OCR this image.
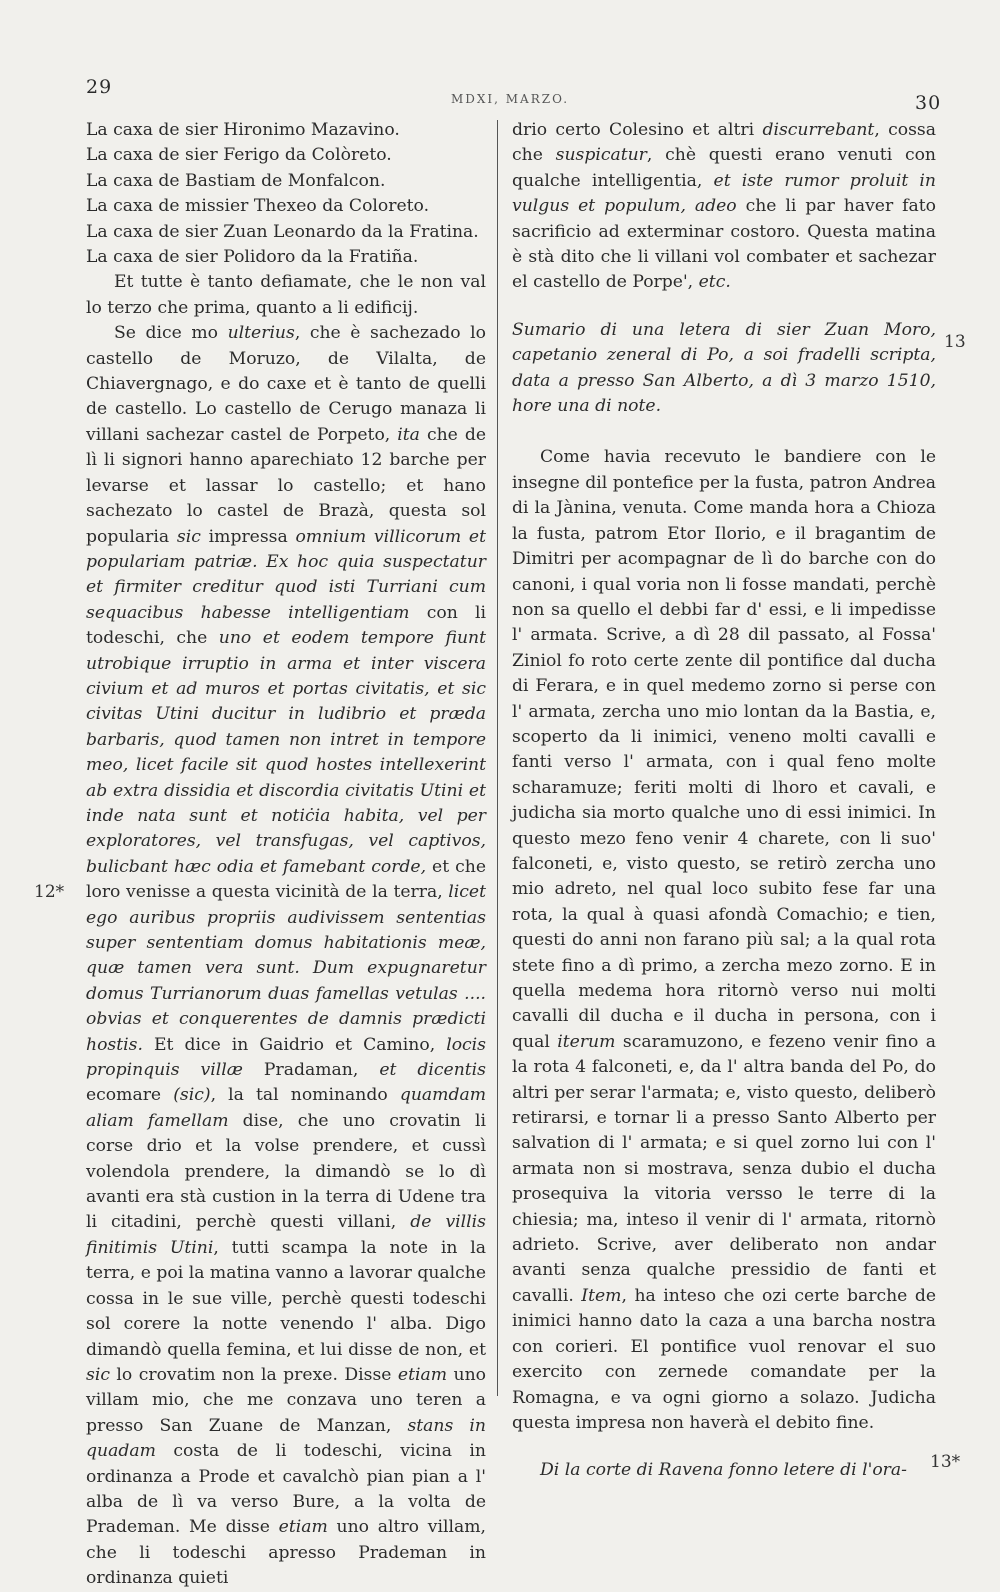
29
MDXI, MARZO.	30
12*
13
13*

La caxa de sier Hironimo Mazavino.

La caxa de sier Ferigo da Colòreto.

La caxa de Bastiam de Monfalcon.

La caxa de missier Thexeo da Coloreto.

La caxa de sier Zuan Leonardo da la Fratina.

La caxa de sier Polidoro da la Fratiña.

Et tutte è tanto defiamate, che le non val lo terzo che prima, quanto a li edificij.

Se dice mo ulterius, che è sachezado lo castello de Moruzo, de Vilalta, de Chiavergnago, e do caxe et è tanto de quelli de castello. Lo castello de Cerugo manaza li villani sachezar castel de Porpeto, ita che de lì li signori hanno aparechiato 12 barche per levarse et lassar lo castello; et hano sachezato lo castel de Brazà, questa sol popularia sic impressa omnium villicorum et populariam patriæ. Ex hoc quia suspectatur et firmiter creditur quod isti Turriani cum sequacibus habesse intelligentiam con li todeschi, che uno et eodem tempore fiunt utrobique irruptio in arma et inter viscera civium et ad muros et portas civitatis, et sic civitas Utini ducitur in ludibrio et præda barbaris, quod tamen non intret in tempore meo, licet facile sit quod hostes intellexerint ab extra dissidia et discordia civitatis Utini et inde nata sunt et notiċia habita, vel per exploratores, vel transfugas, vel captivos, bulicbant hæc odia et famebant corde, et che loro venisse a questa vicinità de la terra, licet ego auribus propriis audivissem sententias super sententiam domus habitationis meæ, quæ tamen vera sunt. Dum expugnaretur domus Turrianorum duas famellas vetulas .... obvias et conquerentes de damnis prædicti hostis. Et dice in Gaidrio et Camino, locis propinquis villæ Pradaman, et dicentis ecomare (sic), la tal nominando quamdam aliam famellam dise, che uno crovatin li corse drio et la volse prendere, et cussì volendola prendere, la dimandò se lo dì avanti era stà custion in la terra di Udene tra li citadini, perchè questi villani, de villis finitimis Utini, tutti scampa la note in la terra, e poi la matina vanno a lavorar qualche cossa in le sue ville, perchè questi todeschi sol corere la notte venendo l' alba. Digo dimandò quella femina, et lui disse de non, et sic lo crovatim non la prexe. Disse etiam uno villam mio, che me conzava uno teren a presso San Zuane de Manzan, stans in quadam costa de li todeschi, vicina in ordinanza a Prode et cavalchò pian pian a l' alba de lì va verso Bure, a la volta de Prademan. Me disse etiam uno altro villam, che li todeschi apresso Prademan in ordinanza quieti

drio certo Colesino et altri discurrebant, cossa che suspicatur, chè questi erano venuti con qualche intelligentia, et iste rumor proluit in vulgus et populum, adeo che li par haver fato sacrificio ad exterminar costoro. Questa matina è stà dito che li villani vol combater et sachezar el castello de Porpe', etc.

Sumario di una letera di sier Zuan Moro, capetanio zeneral di Po, a soi fradelli scripta, data a presso San Alberto, a dì 3 marzo 1510, hore una di note.

Come havia recevuto le bandiere con le insegne dil pontefice per la fusta, patron Andrea di la Jànina, venuta. Come manda hora a Chioza la fusta, patrom Etor Ilorio, e il bragantim de Dimitri per acompagnar de lì do barche con do canoni, i qual voria non li fosse mandati, perchè non sa quello el debbi far d' essi, e li impedisse l' armata. Scrive, a dì 28 dil passato, al Fossa' Ziniol fo roto certe zente dil pontifice dal ducha di Ferara, e in quel medemo zorno si perse con l' armata, zercha uno mio lontan da la Bastia, e, scoperto da li inimici, veneno molti cavalli e fanti verso l' armata, con i qual feno molte scharamuze; feriti molti di lhoro et cavali, e judicha sia morto qualche uno di essi inimici. In questo mezo feno venir 4 charete, con li suo' falconeti, e, visto questo, se retirò zercha uno mio adreto, nel qual loco subito fese far una rota, la qual à quasi afondà Comachio; e tien, questi do anni non farano più sal; a la qual rota stete fino a dì primo, a zercha mezo zorno. E in quella medema hora ritornò verso nui molti cavalli dil ducha e il ducha in persona, con i qual iterum scaramuzono, e fezeno venir fino a la rota 4 falconeti, e, da l' altra banda del Po, do altri per serar l'armata; e, visto questo, deliberò retirarsi, e tornar li a presso Santo Alberto per salvation di l' armata; e si quel zorno lui con l' armata non si mostrava, senza dubio el ducha prosequiva la vitoria versso le terre di la chiesia; ma, inteso il venir di l' armata, ritornò adrieto. Scrive, aver deliberato non andar avanti senza qualche pressidio de fanti et cavalli. Item, ha inteso che ozi certe barche de inimici hanno dato la caza a una barcha nostra con corieri. El pontifice vuol renovar el suo exercito con zernede comandate per la Romagna, e va ogni giorno a solazo. Judicha questa impresa non haverà el debito fine.

Di la corte di Ravena fonno letere di l'ora-
